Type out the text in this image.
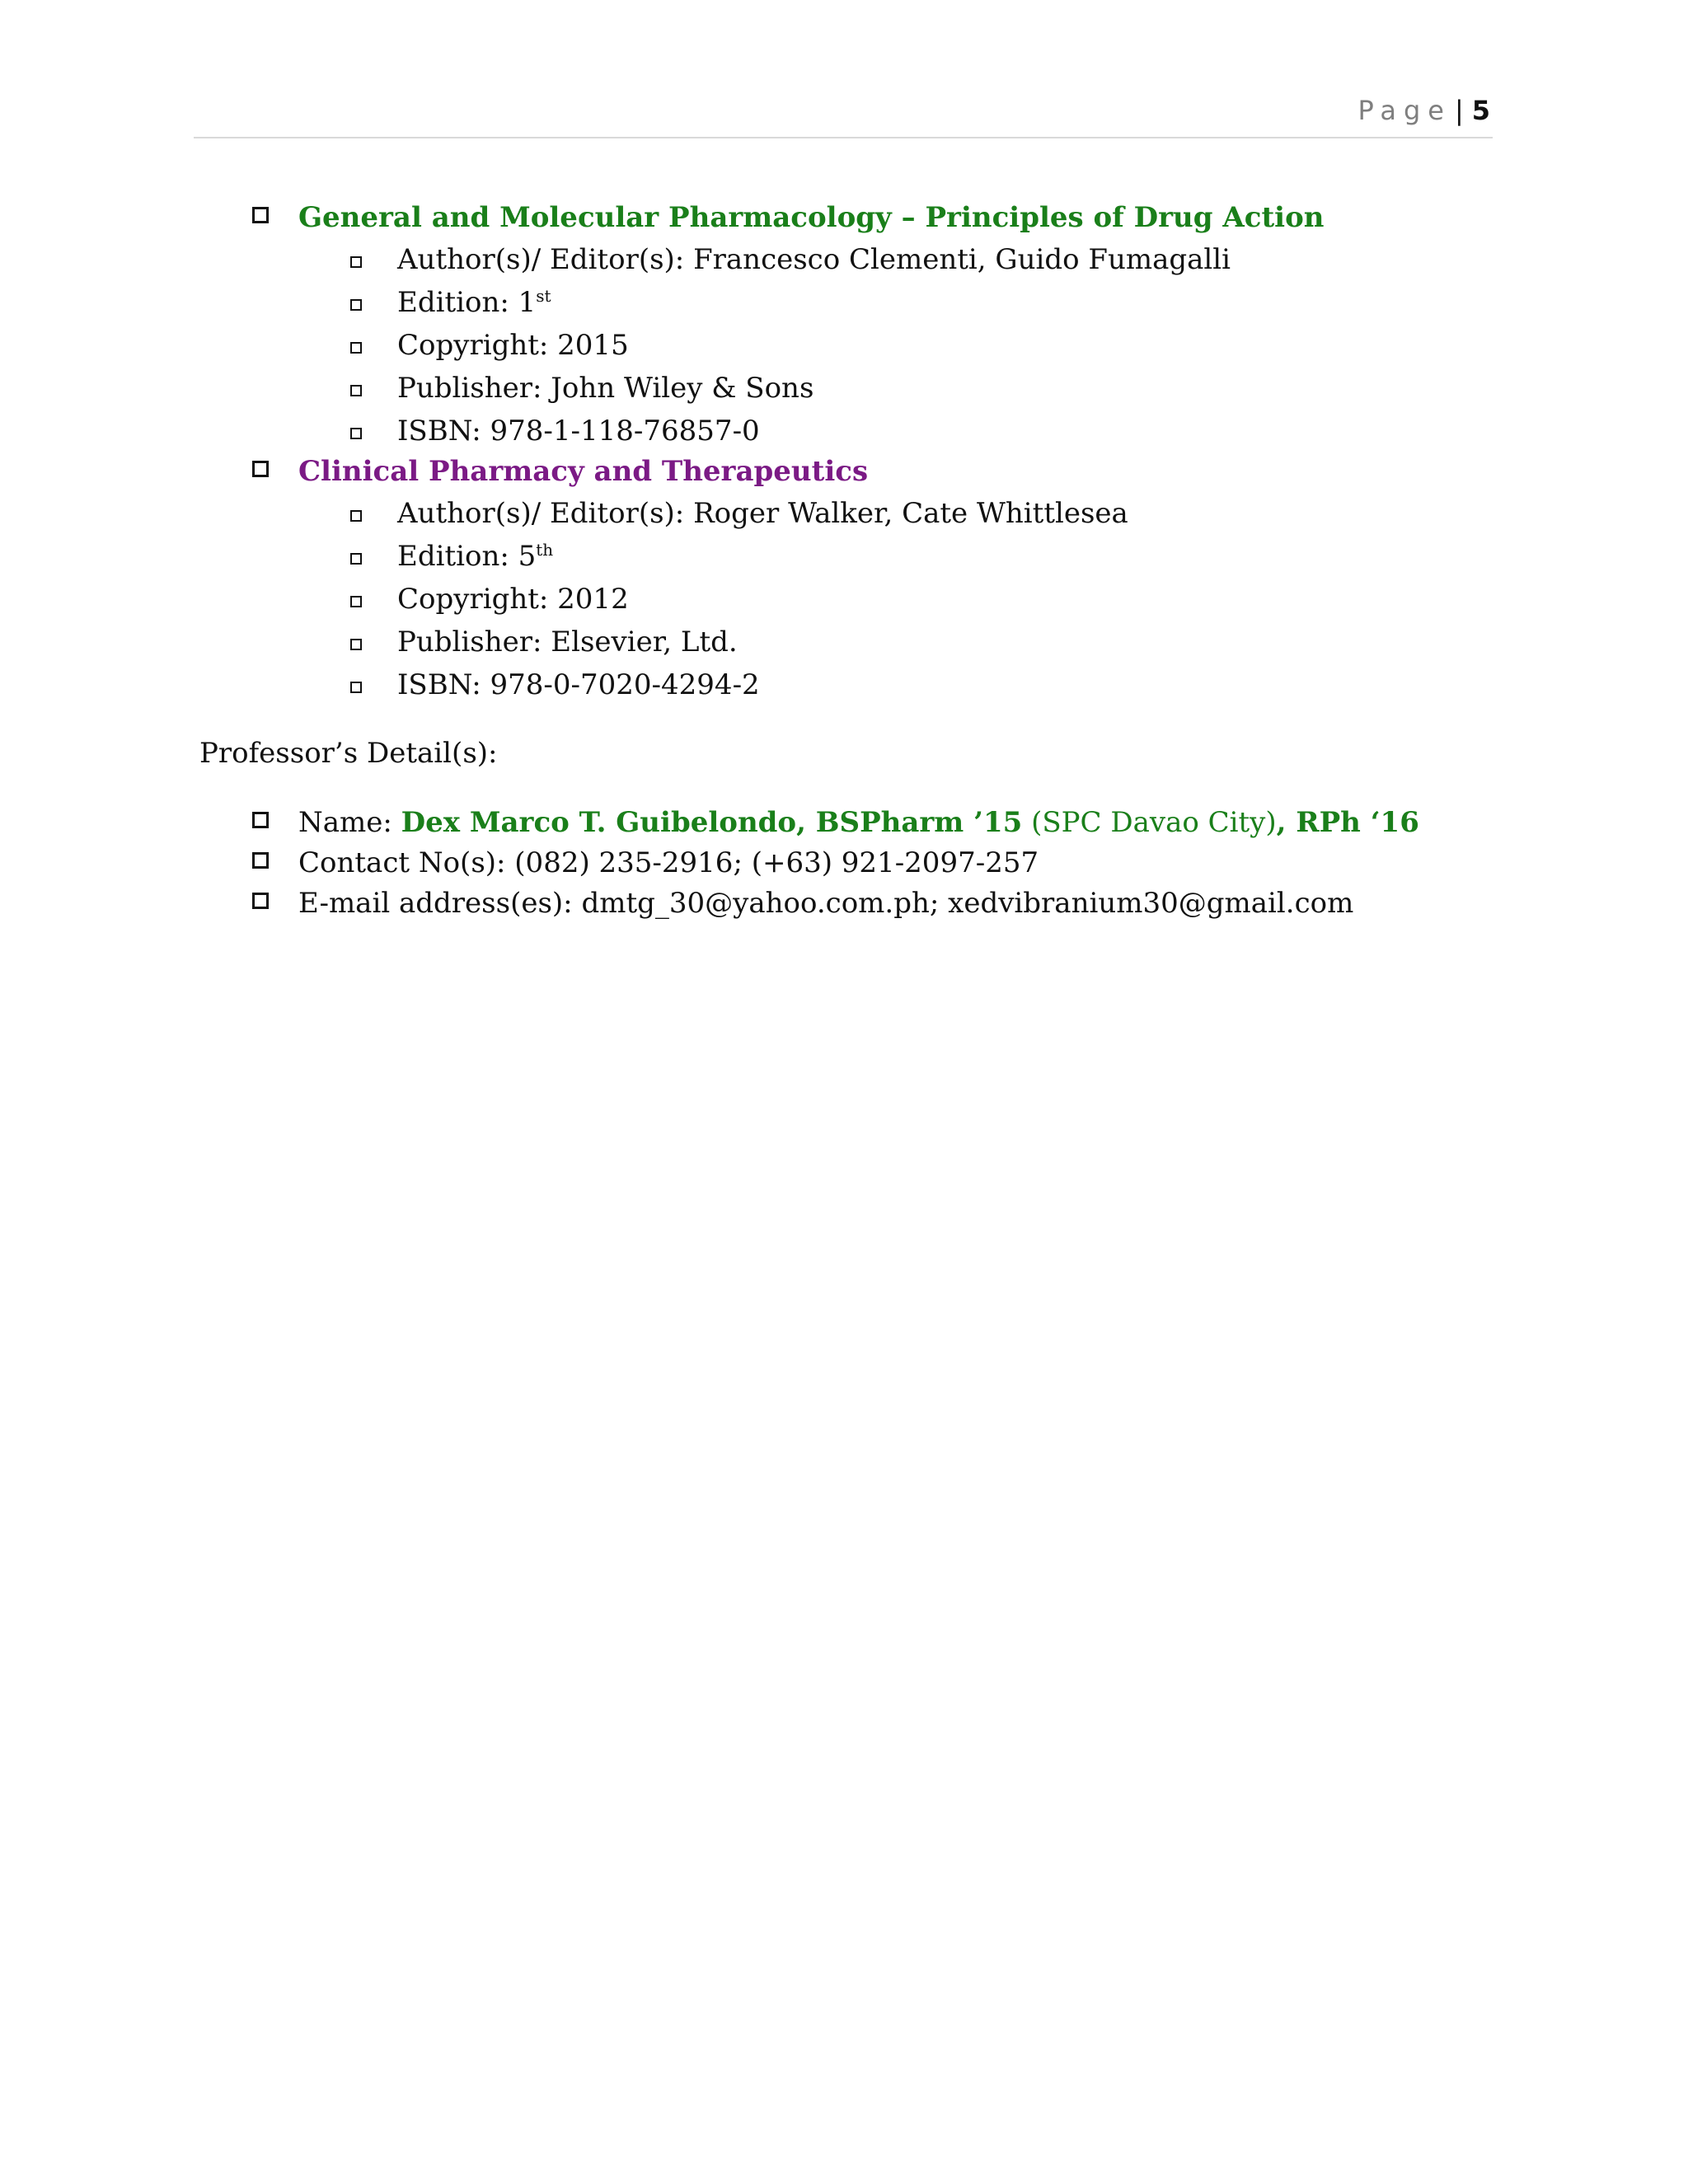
Page | 5
General and Molecular Pharmacology – Principles of Drug Action
Author(s)/ Editor(s): Francesco Clementi, Guido Fumagalli
Edition: 1st
Copyright: 2015
Publisher: John Wiley & Sons
ISBN: 978-1-118-76857-0
Clinical Pharmacy and Therapeutics
Author(s)/ Editor(s): Roger Walker, Cate Whittlesea
Edition: 5th
Copyright: 2012
Publisher: Elsevier, Ltd.
ISBN: 978-0-7020-4294-2
Professor’s Detail(s):
Name: Dex Marco T. Guibelondo, BSPharm ’15 (SPC Davao City), RPh ‘16
Contact No(s): (082) 235-2916; (+63) 921-2097-257
E-mail address(es): dmtg_30@yahoo.com.ph; xedvibranium30@gmail.com
